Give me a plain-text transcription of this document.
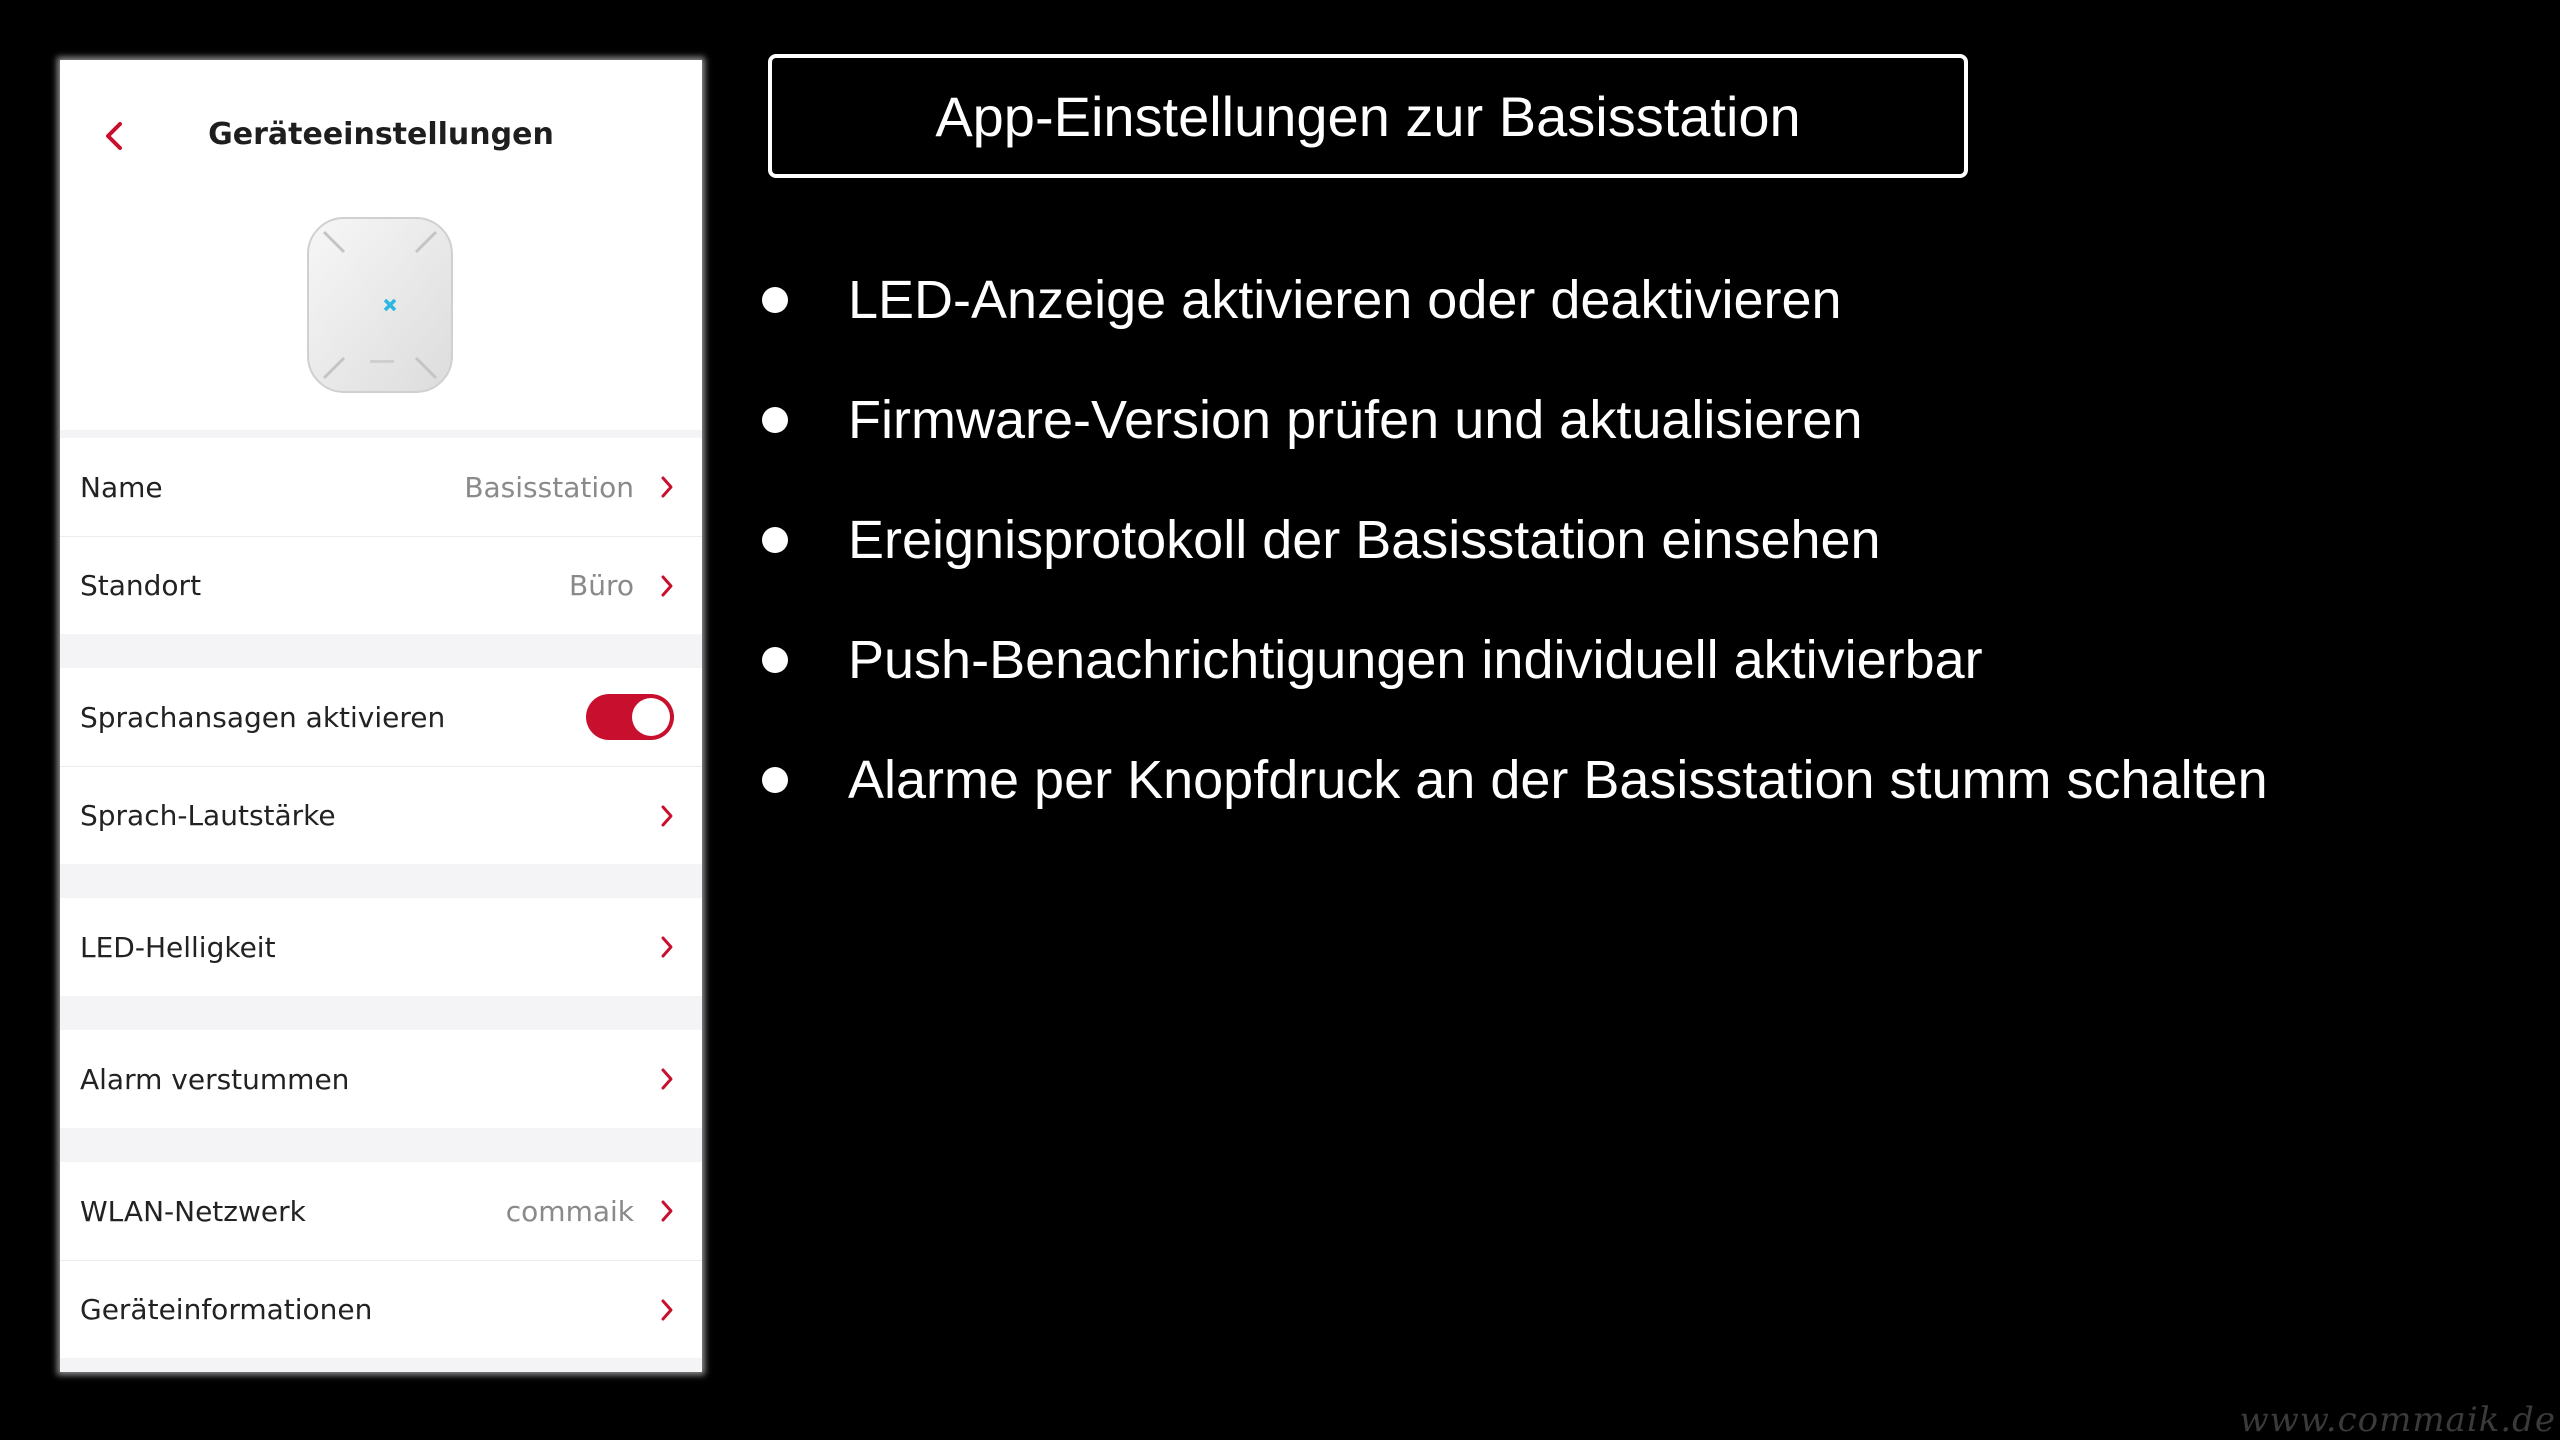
Geräteeinstellungen
Name	Basisstation
Standort	Büro
Sprachansagen aktivieren
Sprach-Lautstärke
LED-Helligkeit
Alarm verstummen
WLAN-Netzwerk	commaik
Geräteinformationen
App-Einstellungen zur Basisstation
LED-Anzeige aktivieren oder deaktivieren
Firmware-Version prüfen und aktualisieren
Ereignisprotokoll der Basisstation einsehen
Push-Benachrichtigungen individuell aktivierbar
Alarme per Knopfdruck an der Basisstation stumm schalten
www.commaik.de
